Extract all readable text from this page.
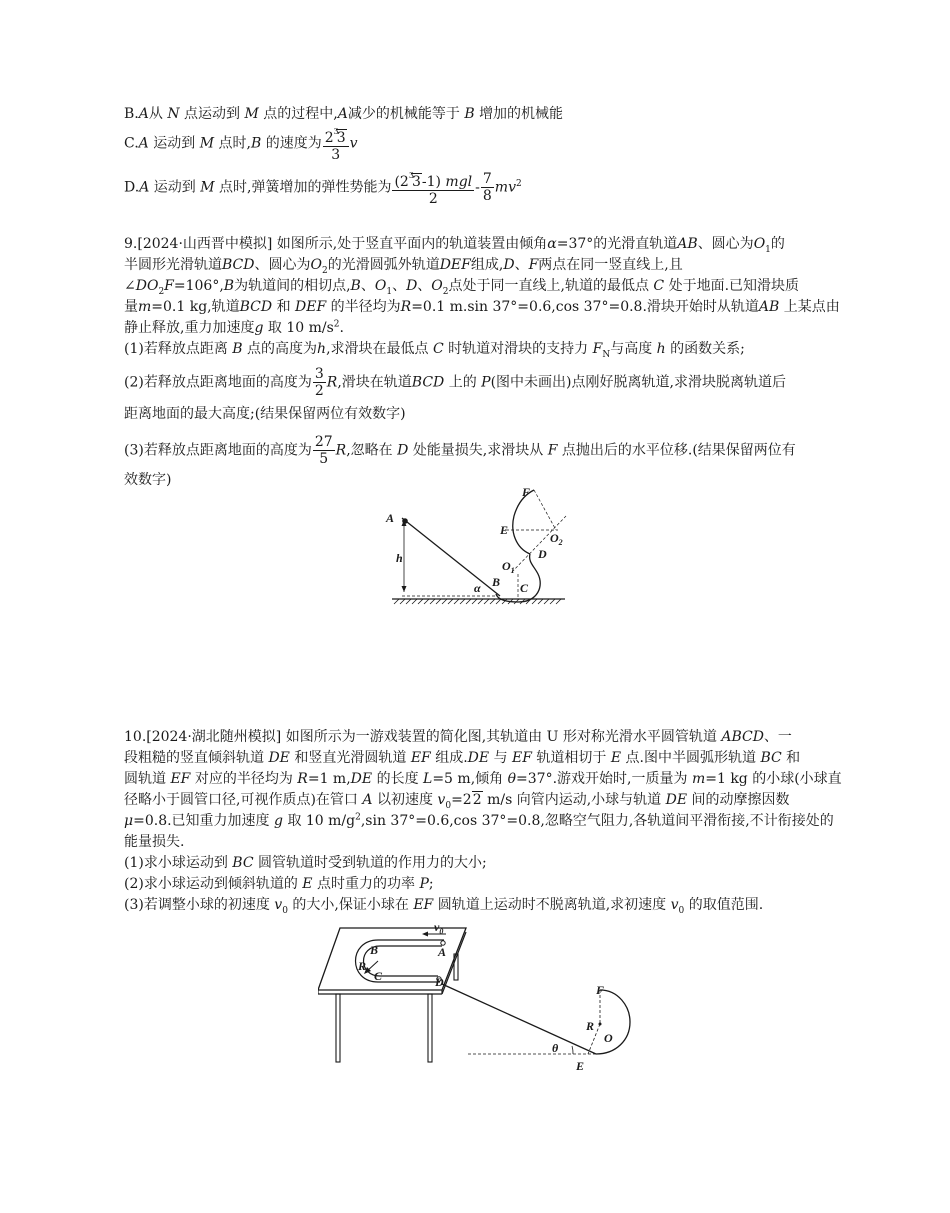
B.A从 N 点运动到 M 点的过程中,A减少的机械能等于 B 增加的机械能
C.A 运动到 M 点时,B 的速度为 $\frac{2^33}{3}$ v
D.A 运动到 M 点时,弹簧增加的弹性势能为 $\frac{(2^33-1) mgl}{2} - \frac{7}{8} mv^2$
9.[2024·山西晋中模拟] 如图所示,处于竖直平面内的轨道装置由倾角α=37°的光滑直轨道AB、圆心为$O_1$的
半圆形光滑轨道BCD、圆心为$O_2$的光滑圆弧外轨道DEF组成,D、F两点在同一竖直线上,且
$\angle DO_2F=106^\circ,B$为轨道间的相切点,B、$O_1$、D、$O_2$点处于同一直线上,轨道的最低点 C 处于地面.已知滑块质
量m=0.1 kg,轨道BCD 和 DEF 的半径均为R=0.1 m.sin 37°=0.6,cos 37°=0.8.滑块开始时从轨道AB 上某点由
静止释放,重力加速度g 取 10 $m/s^2$.
(1)若释放点距离 B 点的高度为h,求滑块在最低点 C 时轨道对滑块的支持力 $F_N$与高度 h 的函数关系;
(2)若释放点距离地面的高度为 $\frac{3}{2} R$,滑块在轨道BCD 上的 P(图中未画出)点刚好脱离轨道,求滑块脱离轨道后
距离地面的最大高度;(结果保留两位有效数字)
(3)若释放点距离地面的高度为 $\frac{27}{5} R$,忽略在 D 处能量损失,求滑块从 F 点抛出后的水平位移.(结果保留两位有
效数字)
A
h
α B C
$O_1$
D
E
F
$O_2$
10.[2024·湖北随州模拟] 如图所示为一游戏装置的简化图,其轨道由 U 形对称光滑水平圆管轨道 ABCD、一
段粗糙的竖直倾斜轨道 DE 和竖直光滑圆轨道 EF 组成.DE 与 EF 轨道相切于 E 点.图中半圆弧形轨道 BC 和
圆轨道 EF 对应的半径均为 R=1 m,DE 的长度 L=5 m,倾角 θ=37°.游戏开始时,一质量为 m=1 kg 的小球(小球直
径略小于圆管口径,可视作质点)在管口 A 以初速度 $v_0=22$ m/s 向管内运动,小球与轨道 DE 间的动摩擦因数
μ=0.8.已知重力加速度 g 取 10 $m/g^2,\sin$ 37°=0.6,cos 37°=0.8,忽略空气阻力,各轨道间平滑衔接,不计衔接处的
能量损失.
(1)求小球运动到 BC 圆管轨道时受到轨道的作用力的大小;
(2)求小球运动到倾斜轨道的 E 点时重力的功率 P;
(3)若调整小球的初速度 $v_0$ 的大小,保证小球在 EF 圆轨道上运动时不脱离轨道,求初速度 $v_0$ 的取值范围.
$v_0$
A
B
R
C	D
F
R
O
θ
E
